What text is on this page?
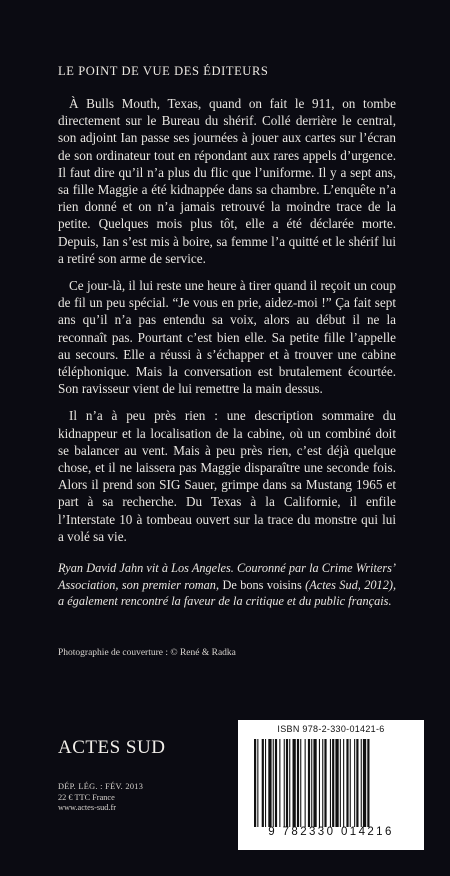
LE POINT DE VUE DES ÉDITEURS

À Bulls Mouth, Texas, quand on fait le 911, on tombe directement sur le Bureau du shérif. Collé derrière le central, son adjoint Ian passe ses journées à jouer aux cartes sur l’écran de son ordinateur tout en répondant aux rares appels d’urgence. Il faut dire qu’il n’a plus du flic que l’uniforme. Il y a sept ans, sa fille Maggie a été kidnappée dans sa chambre. L’enquête n’a rien donné et on n’a jamais retrouvé la moindre trace de la petite. Quelques mois plus tôt, elle a été déclarée morte. Depuis, Ian s’est mis à boire, sa femme l’a quitté et le shérif lui a retiré son arme de service.

Ce jour-là, il lui reste une heure à tirer quand il reçoit un coup de fil un peu spécial. “Je vous en prie, aidez-moi !” Ça fait sept ans qu’il n’a pas entendu sa voix, alors au début il ne la reconnaît pas. Pourtant c’est bien elle. Sa petite fille l’appelle au secours. Elle a réussi à s’échapper et à trouver une cabine téléphonique. Mais la conversation est brutalement écourtée. Son ravisseur vient de lui remettre la main dessus.

Il n’a à peu près rien : une description sommaire du kidnappeur et la localisation de la cabine, où un combiné doit se balancer au vent. Mais à peu près rien, c’est déjà quelque chose, et il ne laissera pas Maggie disparaître une seconde fois. Alors il prend son SIG Sauer, grimpe dans sa Mustang 1965 et part à sa recherche. Du Texas à la Californie, il enfile l’Interstate 10 à tombeau ouvert sur la trace du monstre qui lui a volé sa vie.

Ryan David Jahn vit à Los Angeles. Couronné par la Crime Writers’ Association, son premier roman, De bons voisins (Actes Sud, 2012), a également rencontré la faveur de la critique et du public français.
Photographie de couverture : © René & Radka
ACTES SUD
DÉP. LÉG. : FÉV. 2013
22 € TTC France
www.actes-sud.fr
ISBN 978-2-330-01421-6
9 782330 014216
